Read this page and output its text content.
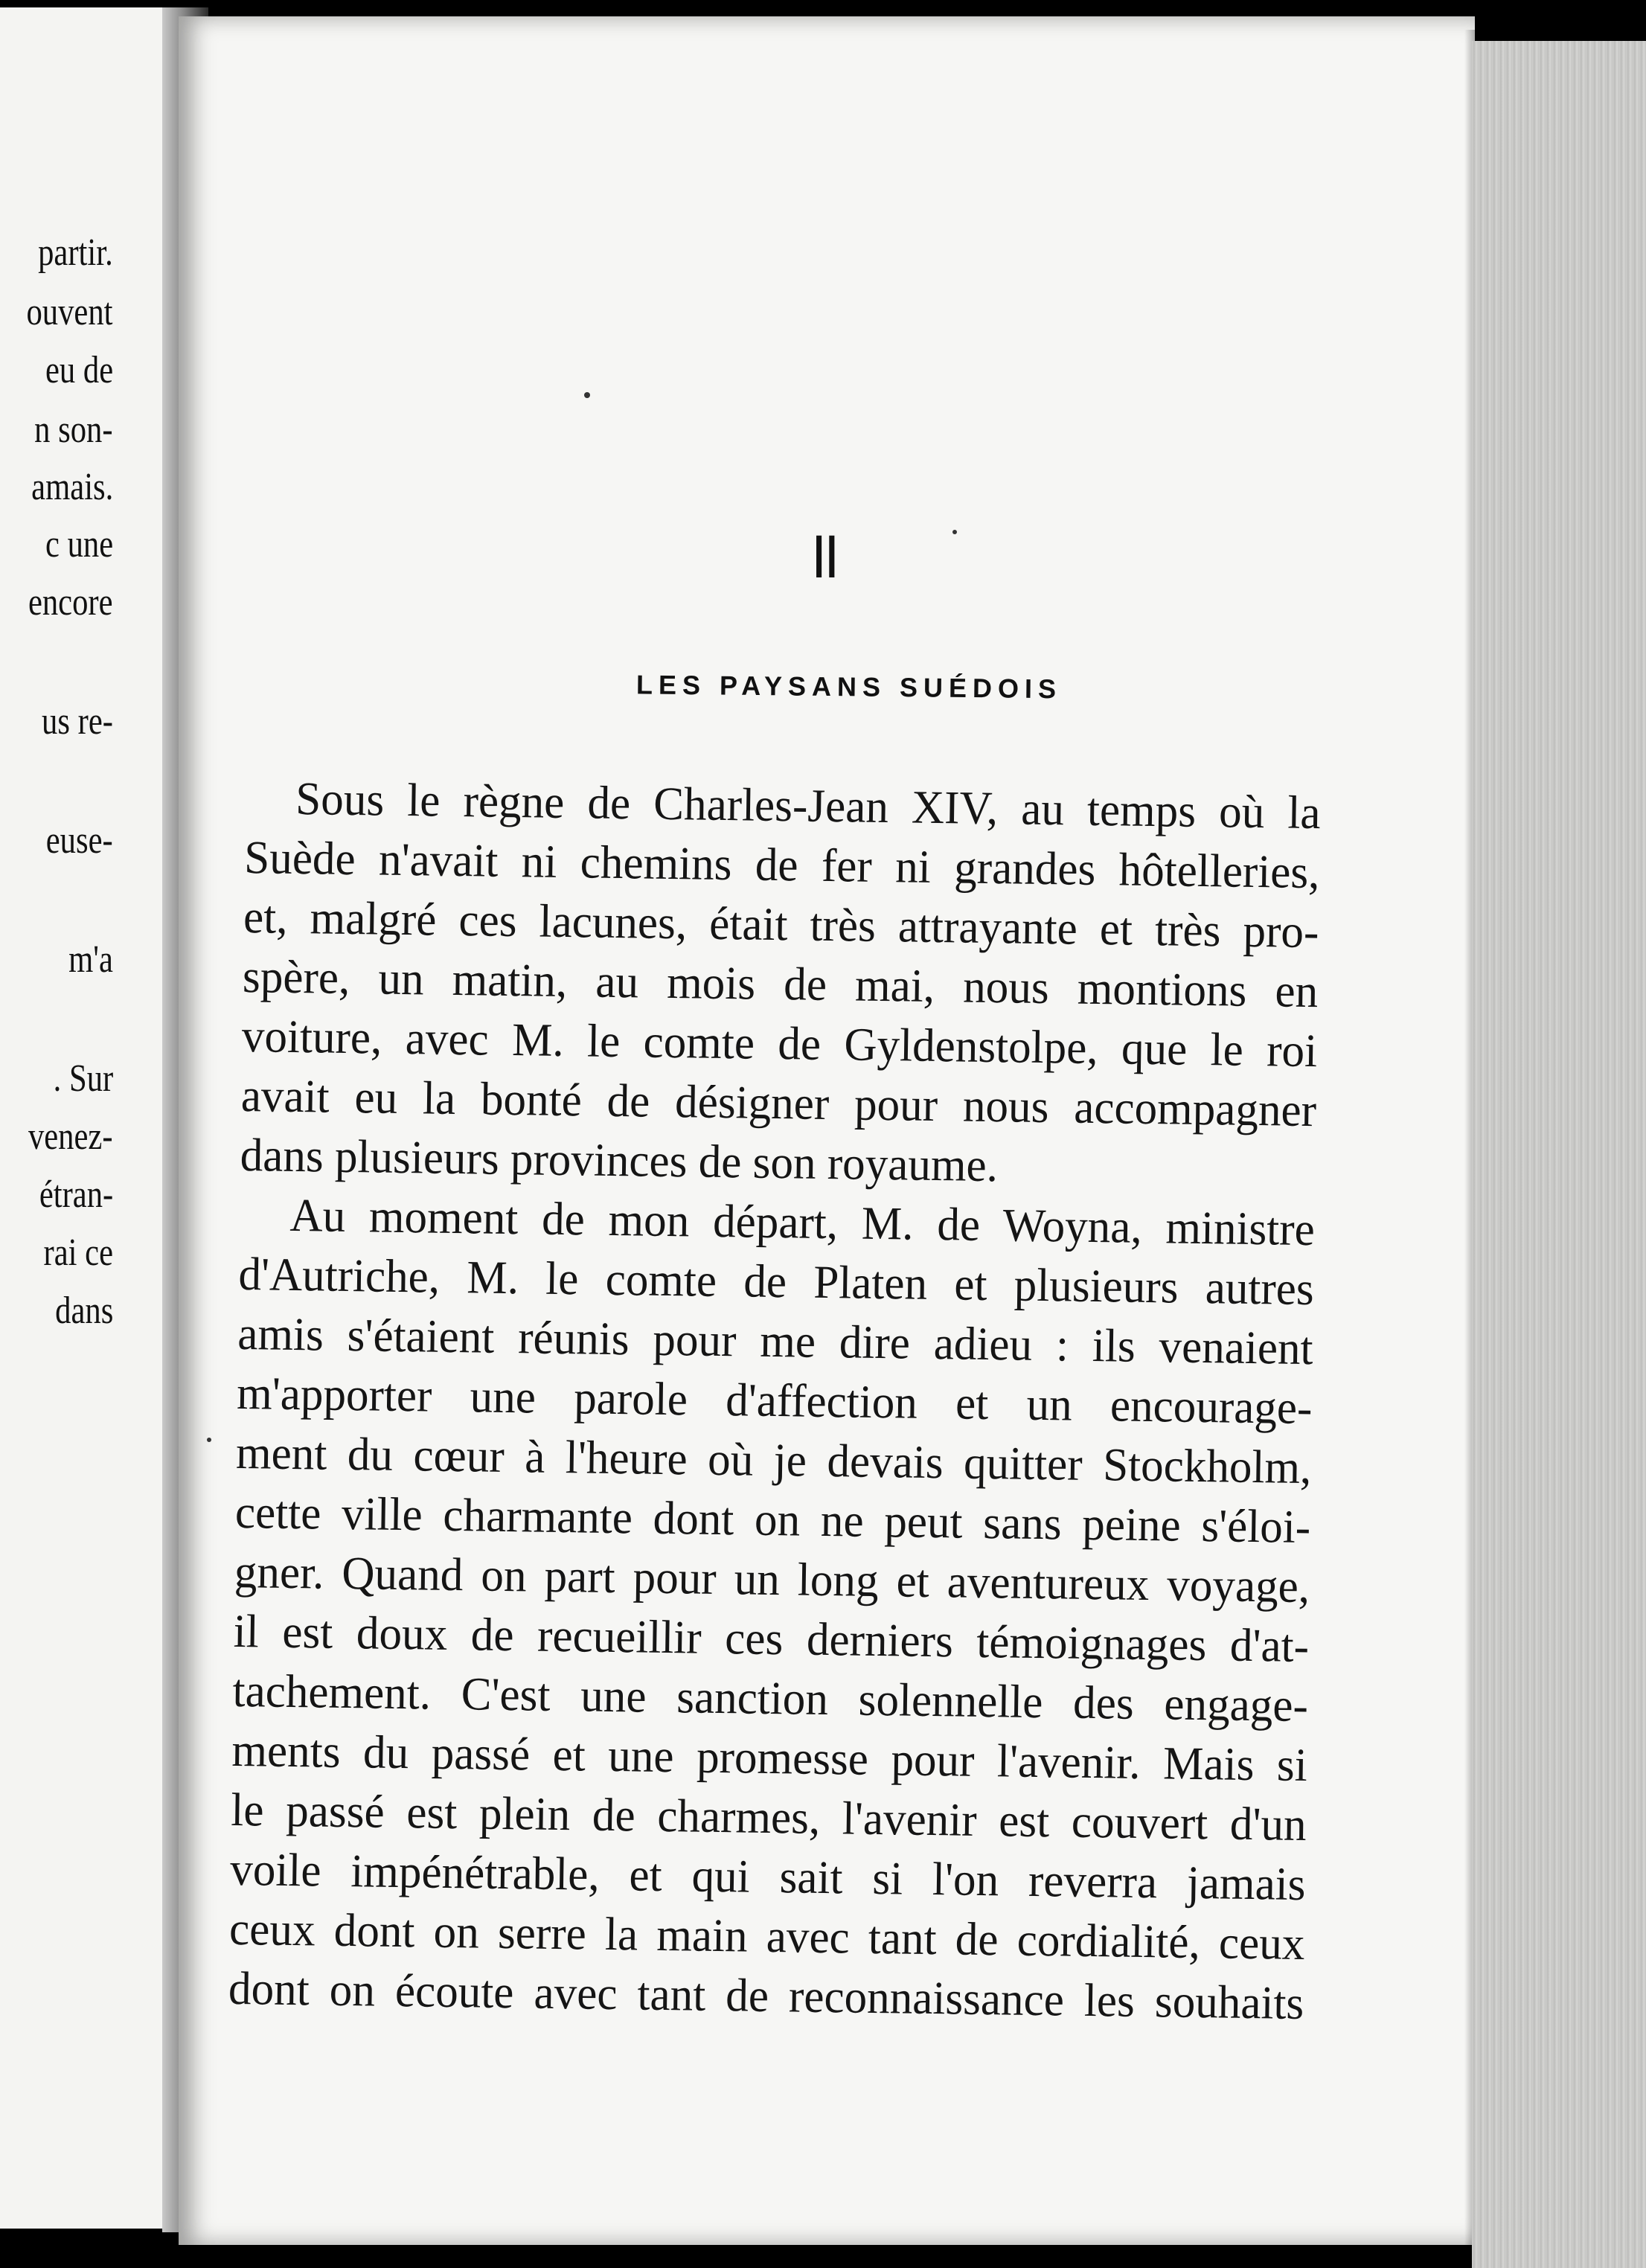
partir.
ouvent
eu de
n son-
amais.
c une
encore
us re-
euse-
m'a
. Sur
venez-
étran-
rai ce
dans
II
LES PAYSANS SUÉDOIS
Sous le règne de Charles-Jean XIV, au temps où la
Suède n'avait ni chemins de fer ni grandes hôtelleries,
et, malgré ces lacunes, était très attrayante et très pro-
spère, un matin, au mois de mai, nous montions en
voiture, avec M. le comte de Gyldenstolpe, que le roi
avait eu la bonté de désigner pour nous accompagner
dans plusieurs provinces de son royaume.
Au moment de mon départ, M. de Woyna, ministre
d'Autriche, M. le comte de Platen et plusieurs autres
amis s'étaient réunis pour me dire adieu : ils venaient
m'apporter une parole d'affection et un encourage-
ment du cœur à l'heure où je devais quitter Stockholm,
cette ville charmante dont on ne peut sans peine s'éloi-
gner. Quand on part pour un long et aventureux voyage,
il est doux de recueillir ces derniers témoignages d'at-
tachement. C'est une sanction solennelle des engage-
ments du passé et une promesse pour l'avenir. Mais si
le passé est plein de charmes, l'avenir est couvert d'un
voile impénétrable, et qui sait si l'on reverra jamais
ceux dont on serre la main avec tant de cordialité, ceux
dont on écoute avec tant de reconnaissance les souhaits
